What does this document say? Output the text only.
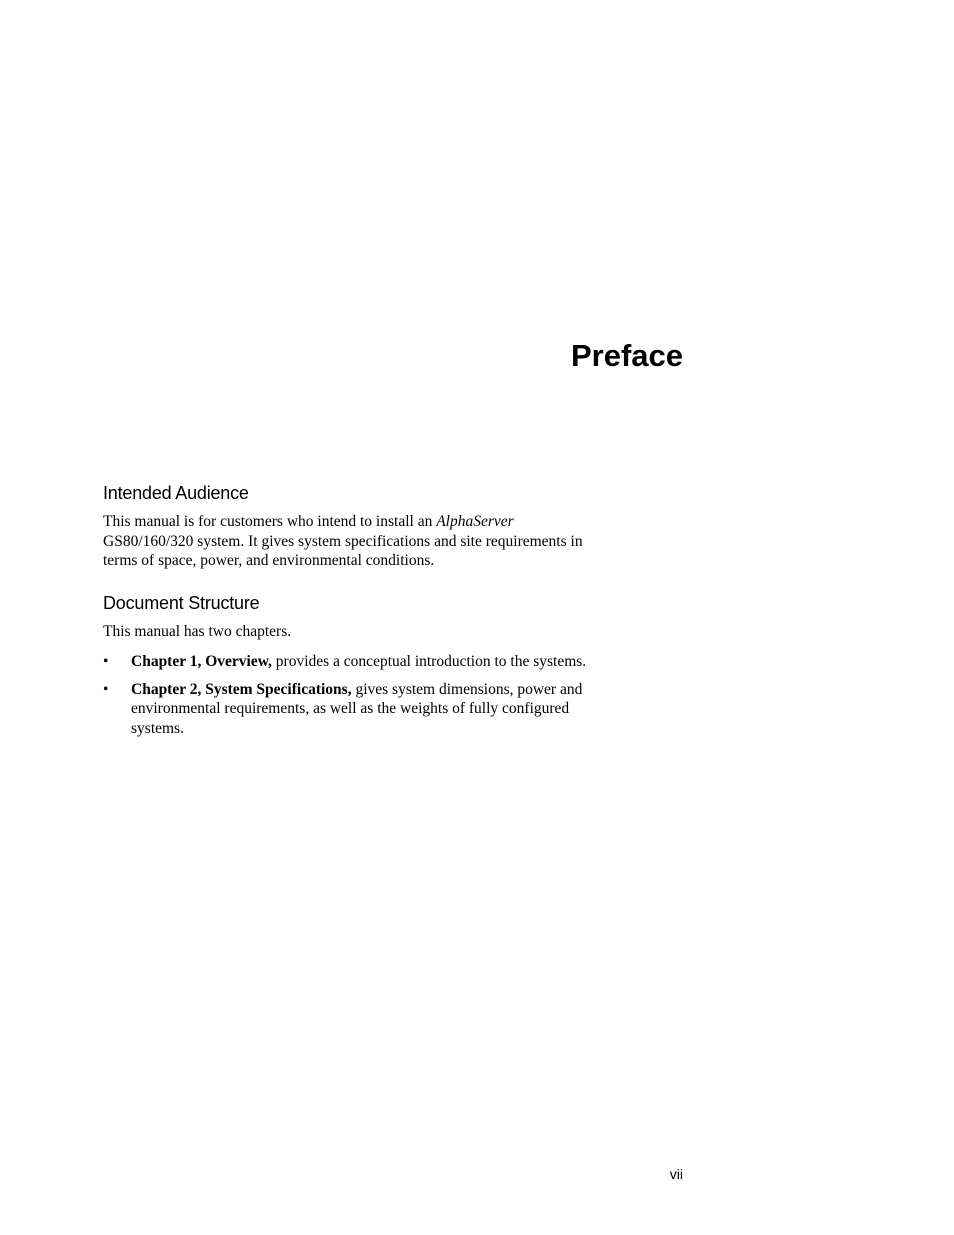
Preface
Intended Audience

This manual is for customers who intend to install an AlphaServer
GS80/160/320 system. It gives system specifications and site requirements in
terms of space, power, and environmental conditions.

Document Structure

This manual has two chapters.

• Chapter 1, Overview, provides a conceptual introduction to the systems.
• Chapter 2, System Specifications, gives system dimensions, power and
environmental requirements, as well as the weights of fully configured
systems.
vii
